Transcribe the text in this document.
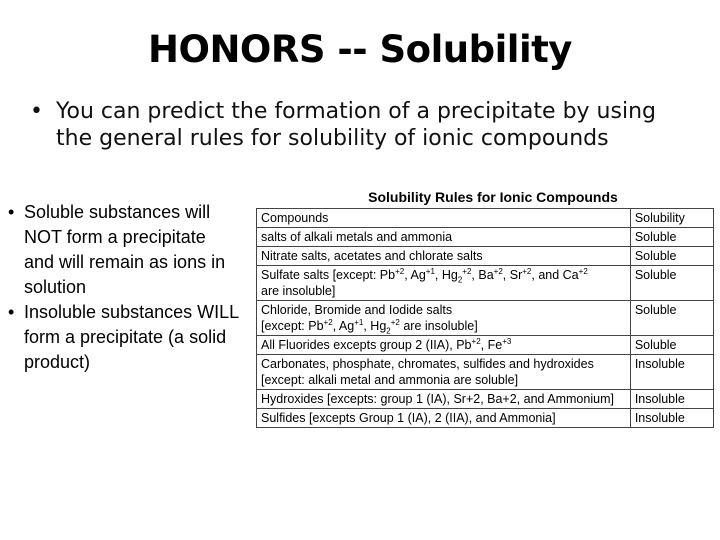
HONORS -- Solubility
• You can predict the formation of a precipitate by using the general rules for solubility of ionic compounds
• Soluble substances will NOT form a precipitate and will remain as ions in solution
• Insoluble substances WILL form a precipitate (a solid product)
Solubility Rules for Ionic Compounds
Compounds	Solubility
salts of alkali metals and ammonia	Soluble
Nitrate salts, acetates and chlorate salts	Soluble
Sulfate salts [except: $Pb^{+2}$, $Ag^{+1}$, $Hg_2^{+2}$, $Ba^{+2}$, $Sr^{+2}$, and $Ca^{+2}$
are insoluble]	Soluble
Chloride, Bromide and Iodide salts
[except: $Pb^{+2}$, $Ag^{+1}$, $Hg_2^{+2}$ are insoluble]	Soluble
All Fluorides excepts group 2 (IIA), $Pb^{+2}$, $Fe^{+3}$	Soluble
Carbonates, phosphate, chromates, sulfides and hydroxides [except: alkali metal and ammonia are soluble]	Insoluble
Hydroxides [excepts: group 1 (IA), Sr+2, Ba+2, and Ammonium]	Insoluble
Sulfides [excepts Group 1 (IA), 2 (IIA), and Ammonia]	Insoluble
